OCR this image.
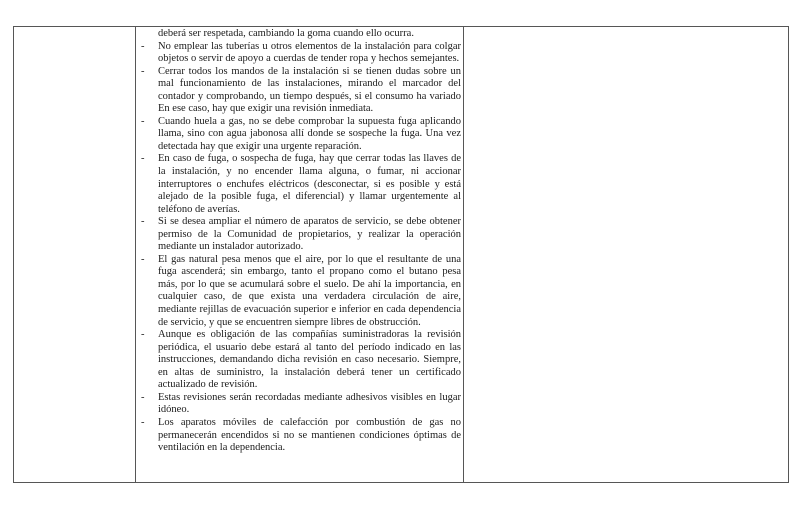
deberá ser respetada, cambiando la goma cuando ello ocurra.

-	No emplear las tuberías u otros elementos de la instalación para colgar objetos o servir de apoyo a cuerdas de tender ropa y hechos semejantes.
-	Cerrar todos los mandos de la instalación si se tienen dudas sobre un mal funcionamiento de las instalaciones, mirando el marcador del contador y comprobando, un tiempo después, si el consumo ha variado En ese caso, hay que exigir una revisión inmediata.
-	Cuando huela a gas, no se debe comprobar la supuesta fuga aplicando llama, sino con agua jabonosa allí donde se sospeche la fuga. Una vez detectada hay que exigir una urgente reparación.
-	En caso de fuga, o sospecha de fuga, hay que cerrar todas las llaves de la instalación, y no encender llama alguna, o fumar, ni accionar interruptores o enchufes eléctricos (desconectar, si es posible y está alejado de la posible fuga, el diferencial) y llamar urgentemente al teléfono de averías.
-	Si se desea ampliar el número de aparatos de servicio, se debe obtener permiso de la Comunidad de propietarios, y realizar la operación mediante un instalador autorizado.
-	El gas natural pesa menos que el aire, por lo que el resultante de una fuga ascenderá; sin embargo, tanto el propano como el butano pesa más, por lo que se acumulará sobre el suelo. De ahí la importancia, en cualquier caso, de que exista una verdadera circulación de aire, mediante rejillas de evacuación superior e inferior en cada dependencia de servicio, y que se encuentren siempre libres de obstrucción.
-	Aunque es obligación de las compañías suministradoras la revisión periódica, el usuario debe estará al tanto del período indicado en las instrucciones, demandando dicha revisión en caso necesario. Siempre, en altas de suministro, la instalación deberá tener un certificado actualizado de revisión.
-	Estas revisiones serán recordadas mediante adhesivos visibles en lugar idóneo.
-	Los aparatos móviles de calefacción por combustión de gas no permanecerán encendidos si no se mantienen condiciones óptimas de ventilación en la dependencia.
